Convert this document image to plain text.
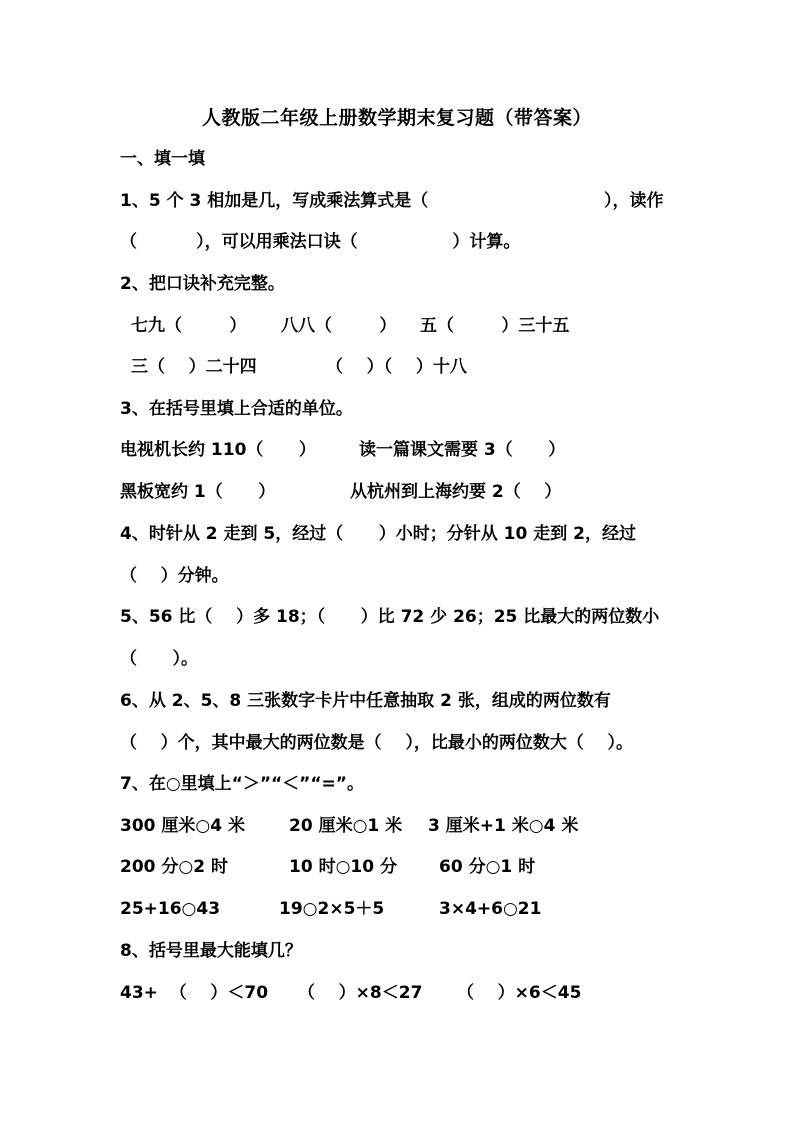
人教版二年级上册数学期末复习题（带答案）
一、填一填
1、5 个 3 相加是几，写成乘法算式是（	），读作
（          ），可以用乘法口诀（                ）计算。
2、把口诀补充完整。
七九（        ） 八八（        ） 五（        ）三十五
三（    ）二十四	（    ）（    ）十八
3、在括号里填上合适的单位。
电视机长约 110（      ）	读一篇课文需要 3（      ）
黑板宽约 1（      ）	从杭州到上海约要 2（    ）
4、时针从 2 走到 5，经过（      ）小时；分针从 10 走到 2，经过
（    ）分钟。
5、56 比（    ）多 18；（      ）比 72 少 26；25 比最大的两位数小
（      ）。
6、从 2、5、8 三张数字卡片中任意抽取 2 张，组成的两位数有
（    ）个，其中最大的两位数是（    ），比最小的两位数大（    ）。
7、在○里填上“＞”“＜”“=”。
300 厘米○4 米	20 厘米○1 米 3 厘米+1 米○4 米
200 分○2 时	10 时○10 分 60 分○1 时
25+16○43	19○2×5＋5	3×4+6○21
8、括号里最大能填几？
43+  （    ）＜70 （    ）×8＜27 （    ）×6＜45
